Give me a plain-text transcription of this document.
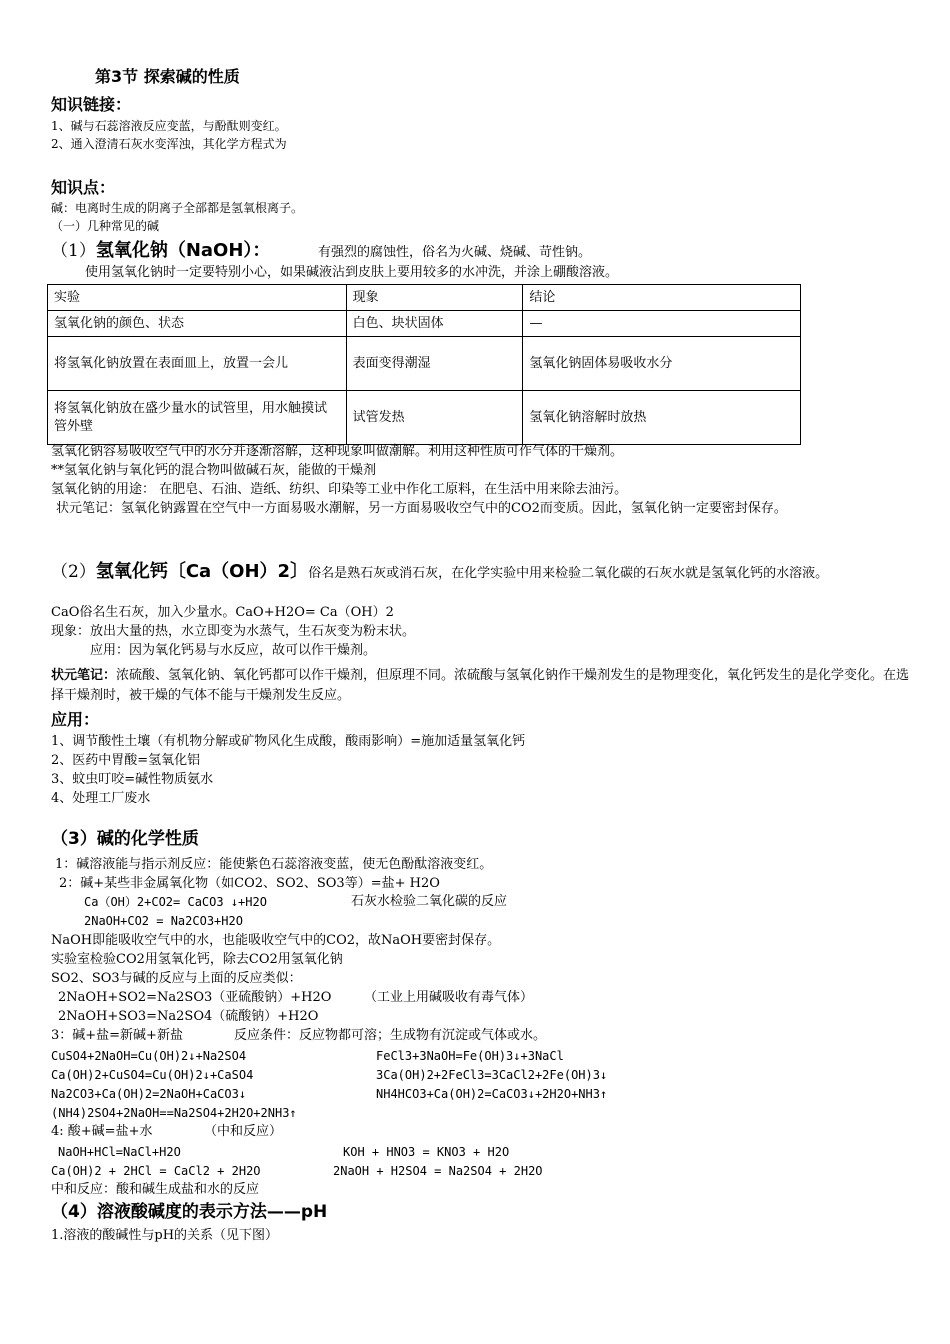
第3节 探索碱的性质
知识链接：
1、碱与石蕊溶液反应变蓝，与酚酞则变红。
2、通入澄清石灰水变浑浊，其化学方程式为
知识点：
碱：电离时生成的阴离子全部都是氢氧根离子。
（一）几种常见的碱
（1）氢氧化钠（NaOH）：	有强烈的腐蚀性，俗名为火碱、烧碱、苛性钠。
使用氢氧化钠时一定要特别小心，如果碱液沾到皮肤上要用较多的水冲洗，并涂上硼酸溶液。
实验	现象	结论
氢氧化钠的颜色、状态	白色、块状固体	—
将氢氧化钠放置在表面皿上，放置一会儿	表面变得潮湿	氢氧化钠固体易吸收水分
将氢氧化钠放在盛少量水的试管里，用水触摸试管外壁	试管发热	氢氧化钠溶解时放热
氢氧化钠容易吸收空气中的水分并逐渐溶解，这种现象叫做潮解。利用这种性质可作气体的干燥剂。
**氢氧化钠与氧化钙的混合物叫做碱石灰，能做的干燥剂
氢氧化钠的用途： 在肥皂、石油、造纸、纺织、印染等工业中作化工原料，在生活中用来除去油污。
状元笔记：氢氧化钠露置在空气中一方面易吸水潮解，另一方面易吸收空气中的CO2而变质。因此，氢氧化钠一定要密封保存。
（2）氢氧化钙〔Ca（OH）2〕俗名是熟石灰或消石灰，在化学实验中用来检验二氧化碳的石灰水就是氢氧化钙的水溶液。
CaO俗名生石灰，加入少量水。CaO+H2O= Ca（OH）2
现象：放出大量的热，水立即变为水蒸气，生石灰变为粉末状。
应用：因为氧化钙易与水反应，故可以作干燥剂。
状元笔记：浓硫酸、氢氧化钠、氧化钙都可以作干燥剂，但原理不同。浓硫酸与氢氧化钠作干燥剂发生的是物理变化，氧化钙发生的是化学变化。在选择干燥剂时，被干燥的气体不能与干燥剂发生反应。
应用：
1、调节酸性土壤（有机物分解或矿物风化生成酸，酸雨影响）=施加适量氢氧化钙
2、医药中胃酸=氢氧化铝
3、蚊虫叮咬=碱性物质氨水
4、处理工厂废水
（3）碱的化学性质
1：碱溶液能与指示剂反应：能使紫色石蕊溶液变蓝，使无色酚酞溶液变红。
2：碱+某些非金属氧化物（如CO2、SO2、SO3等）=盐+ H2O
Ca（OH）2+CO2= CaCO3 ↓+H2O	石灰水检验二氧化碳的反应
2NaOH+CO2 = Na2CO3+H2O
NaOH即能吸收空气中的水，也能吸收空气中的CO2，故NaOH要密封保存。
实验室检验CO2用氢氧化钙，除去CO2用氢氧化钠
SO2、SO3与碱的反应与上面的反应类似：
2NaOH+SO2=Na2SO3（亚硫酸钠）+H2O	（工业上用碱吸收有毒气体）
2NaOH+SO3=Na2SO4（硫酸钠）+H2O
3：碱+盐=新碱+新盐	反应条件：反应物都可溶；生成物有沉淀或气体或水。
CuSO4+2NaOH=Cu(OH)2↓+Na2SO4
Ca(OH)2+CuSO4=Cu(OH)2↓+CaSO4
Na2CO3+Ca(OH)2=2NaOH+CaCO3↓
(NH4)2SO4+2NaOH==Na2SO4+2H2O+2NH3↑
FeCl3+3NaOH=Fe(OH)3↓+3NaCl
3Ca(OH)2+2FeCl3=3CaCl2+2Fe(OH)3↓
NH4HCO3+Ca(OH)2=CaCO3↓+2H2O+NH3↑
4: 酸+碱=盐+水	（中和反应）
NaOH+HCl=NaCl+H2O	KOH + HNO3 = KNO3 + H2O
Ca(OH)2 + 2HCl = CaCl2 + 2H2O	2NaOH + H2SO4 = Na2SO4 + 2H2O
中和反应：酸和碱生成盐和水的反应
（4）溶液酸碱度的表示方法——pH
1.溶液的酸碱性与pH的关系（见下图）
